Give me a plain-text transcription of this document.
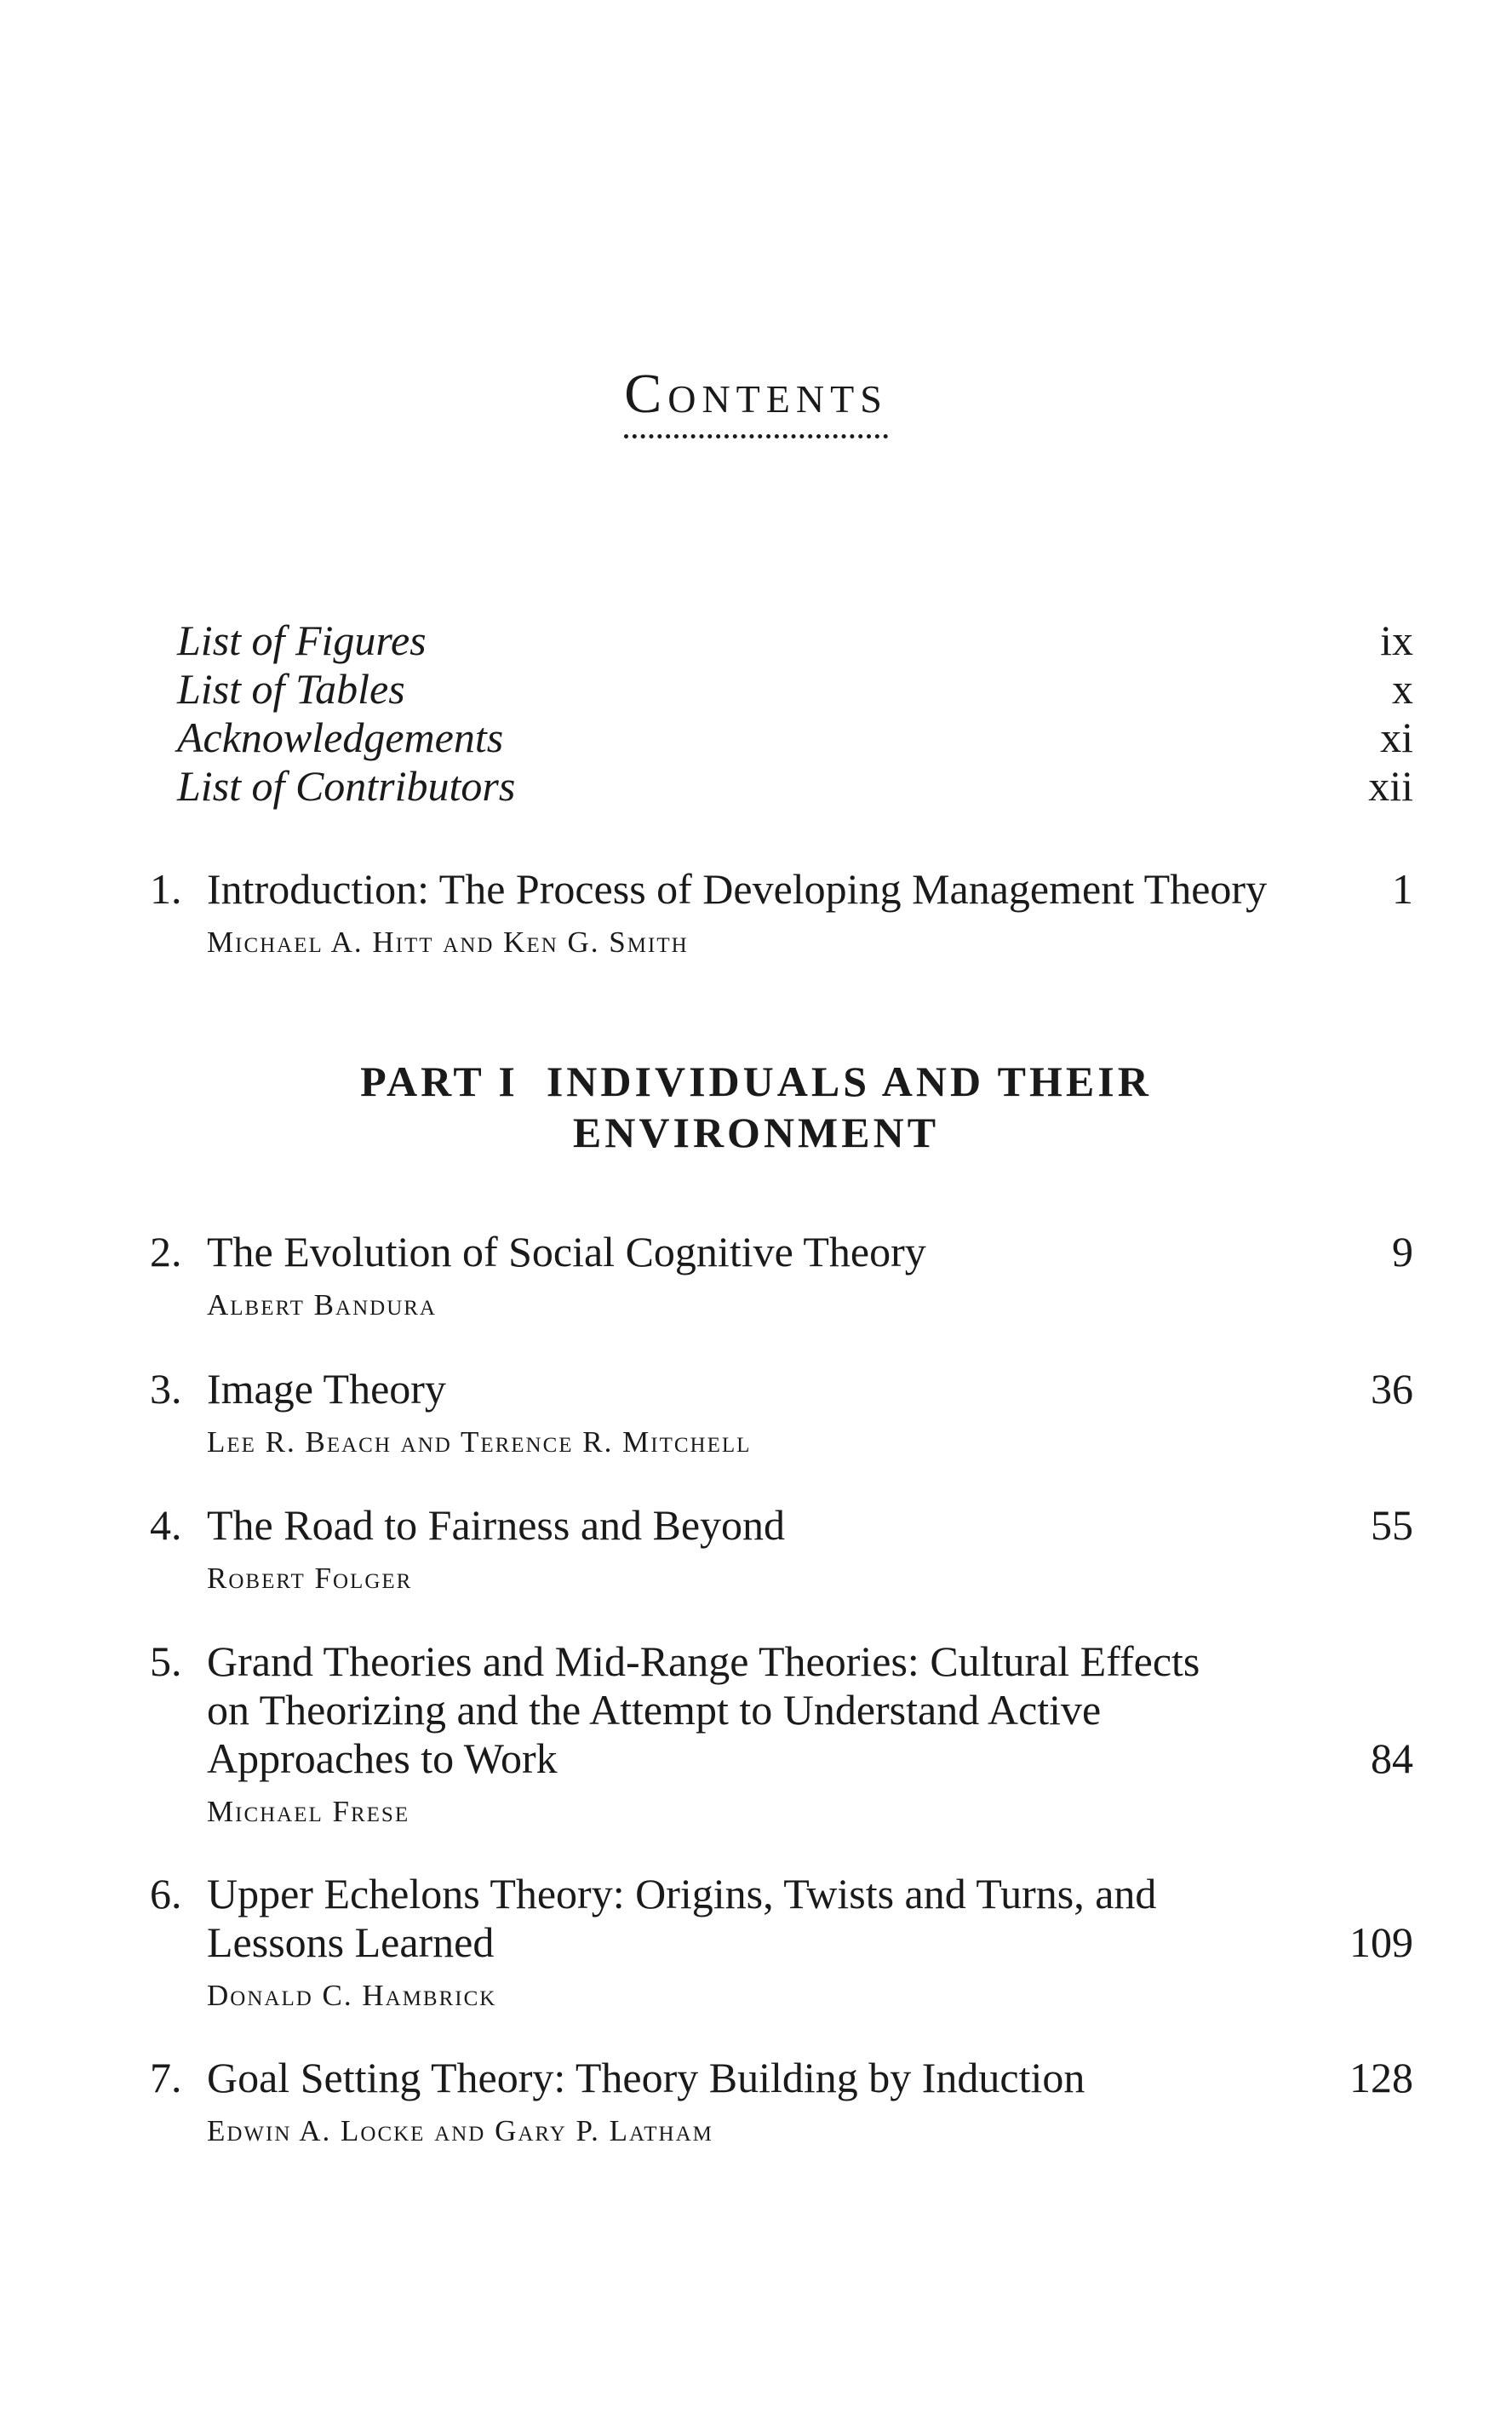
Contents
List of Figures	ix
List of Tables	x
Acknowledgements	xi
List of Contributors	xii
1. Introduction: The Process of Developing Management Theory	1
Michael A. Hitt and Ken G. Smith
PART I  INDIVIDUALS AND THEIR
ENVIRONMENT
2. The Evolution of Social Cognitive Theory	9
Albert Bandura
3. Image Theory	36
Lee R. Beach and Terence R. Mitchell
4. The Road to Fairness and Beyond	55
Robert Folger
5. Grand Theories and Mid-Range Theories: Cultural Effects
on Theorizing and the Attempt to Understand Active
Approaches to Work	84
Michael Frese
6. Upper Echelons Theory: Origins, Twists and Turns, and
Lessons Learned	109
Donald C. Hambrick
7. Goal Setting Theory: Theory Building by Induction	128
Edwin A. Locke and Gary P. Latham
